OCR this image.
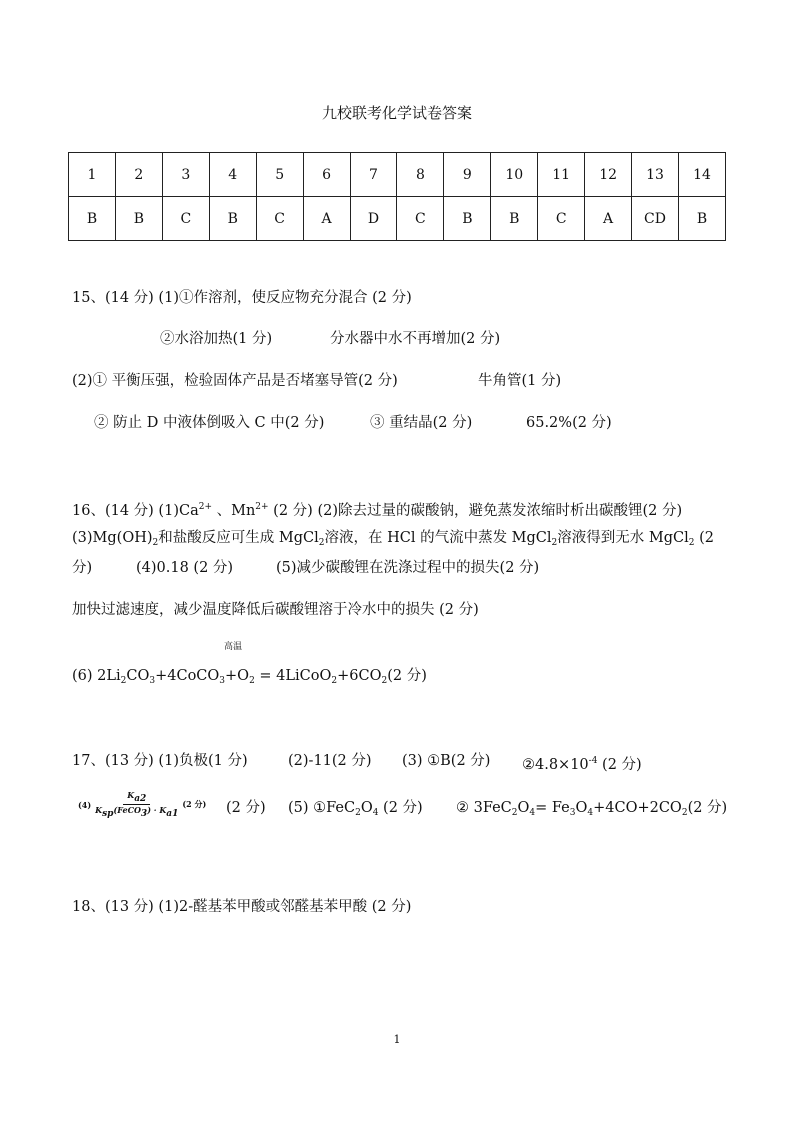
九校联考化学试卷答案
1	2	3	4	5	6	7	8	9	10	11	12	13	14
B	B	C	B	C	A	D	C	B	B	C	A	CD	B
15、(14 分) (1)①作溶剂，使反应物充分混合 (2 分)
②水浴加热(1 分)	分水器中水不再增加(2 分)
(2)① 平衡压强，检验固体产品是否堵塞导管(2 分)	牛角管(1 分)
② 防止 D 中液体倒吸入 C 中(2 分)	③ 重结晶(2 分)	65.2%(2 分)
16、(14 分) $(1)Ca^{2+}$ 、$Mn^{2+}$ (2 分) (2)除去过量的碳酸钠，避免蒸发浓缩时析出碳酸锂(2 分)
$(3)Mg(OH)_2$和盐酸反应可生成 MgCl$_2$溶液，在 HCl 的气流中蒸发 MgCl$_2$溶液得到无水 MgCl$_2$ (2
分)	(4)0.18 (2 分)	(5)减少碳酸锂在洗涤过程中的损失(2 分)
加快过滤速度，减少温度降低后碳酸锂溶于冷水中的损失 (2 分)
高温
(6) $2Li_2CO_3+4CoCO_3+O_2$ = $4LiCoO_2+6CO_2(2$ 分)
17、(13 分) (1)负极(1 分)	(2)-11(2 分) (3) ①B(2 分) $②4.8\times 10^{-4}$ (2 分)
$(4) \frac{K_{a2}}{K_{sp}(FeCO_3) \cdot K_{a1}} (2$ 分) (2 分) (5) $①FeC_2O_4$ (2 分) ② $3FeC_2O_4= Fe_3O_4+4CO+2CO_2(2$ 分)
18、(13 分) (1)2-醛基苯甲酸或邻醛基苯甲酸 (2 分)
1
